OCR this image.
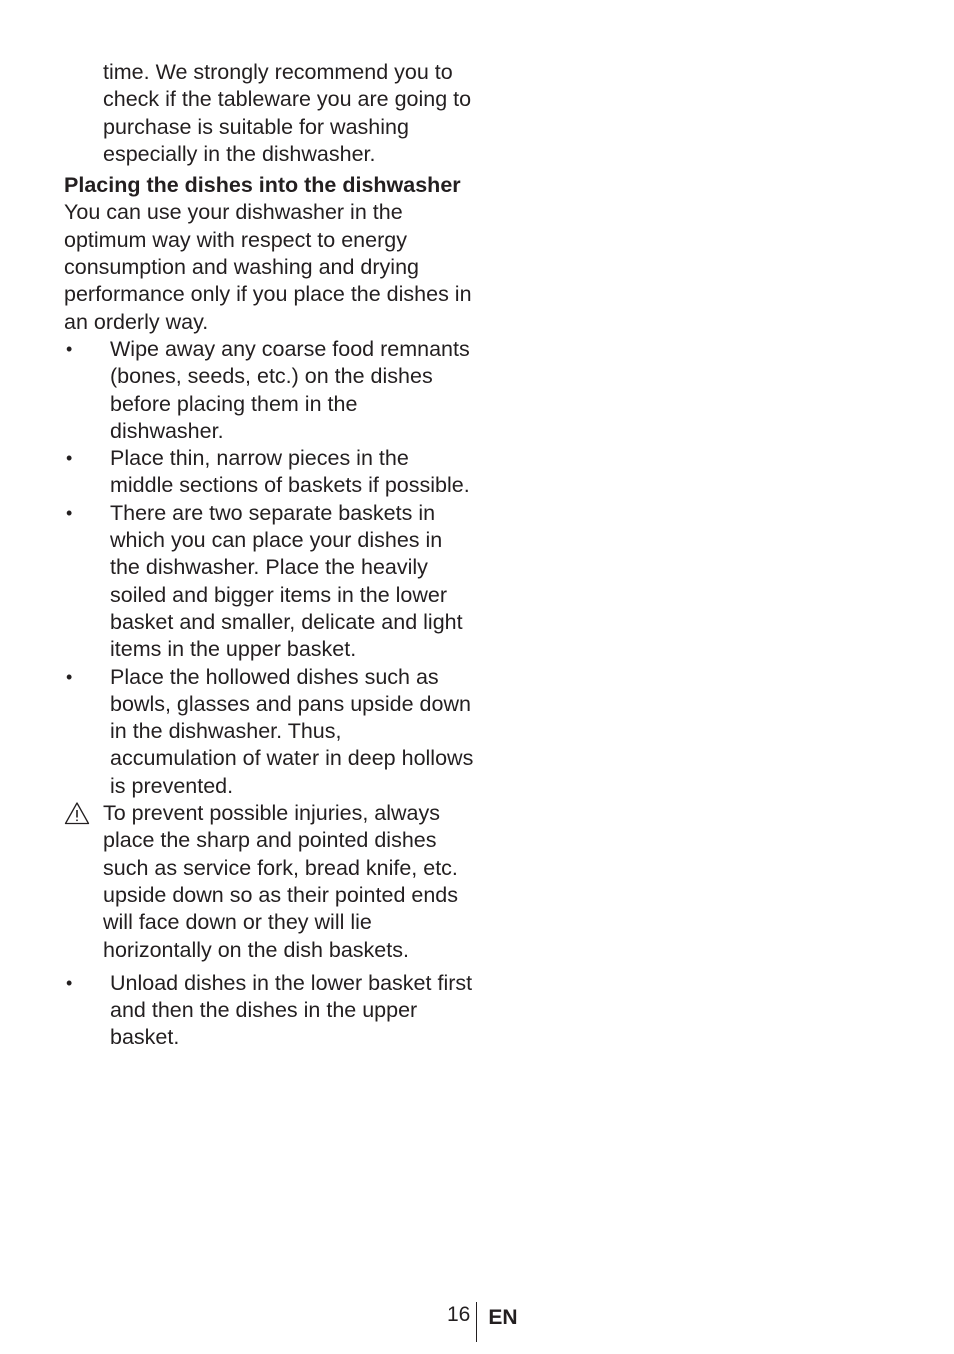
time. We strongly recommend you to check if the tableware you are going to purchase is suitable for washing especially in the dishwasher.

Placing the dishes into the dishwasher

You can use your dishwasher in the optimum way with respect to energy consumption and washing and drying performance only if you place the dishes in an orderly way.

• Wipe away any coarse food remnants (bones, seeds, etc.) on the dishes before placing them in the dishwasher.
• Place thin, narrow pieces in the middle sections of baskets if possible.
• There are two separate baskets in which you can place your dishes in the dishwasher. Place the heavily soiled and bigger items in the lower basket and smaller, delicate and light items in the upper basket.
• Place the hollowed dishes such as bowls, glasses and pans upside down in the dishwasher. Thus, accumulation of water in deep hollows is prevented.
To prevent possible injuries, always place the sharp and pointed dishes such as service fork, bread knife, etc. upside down so as their pointed ends will face down or they will lie horizontally on the dish baskets.
• Unload dishes in the lower basket first and then the dishes in the upper basket.
16 EN
